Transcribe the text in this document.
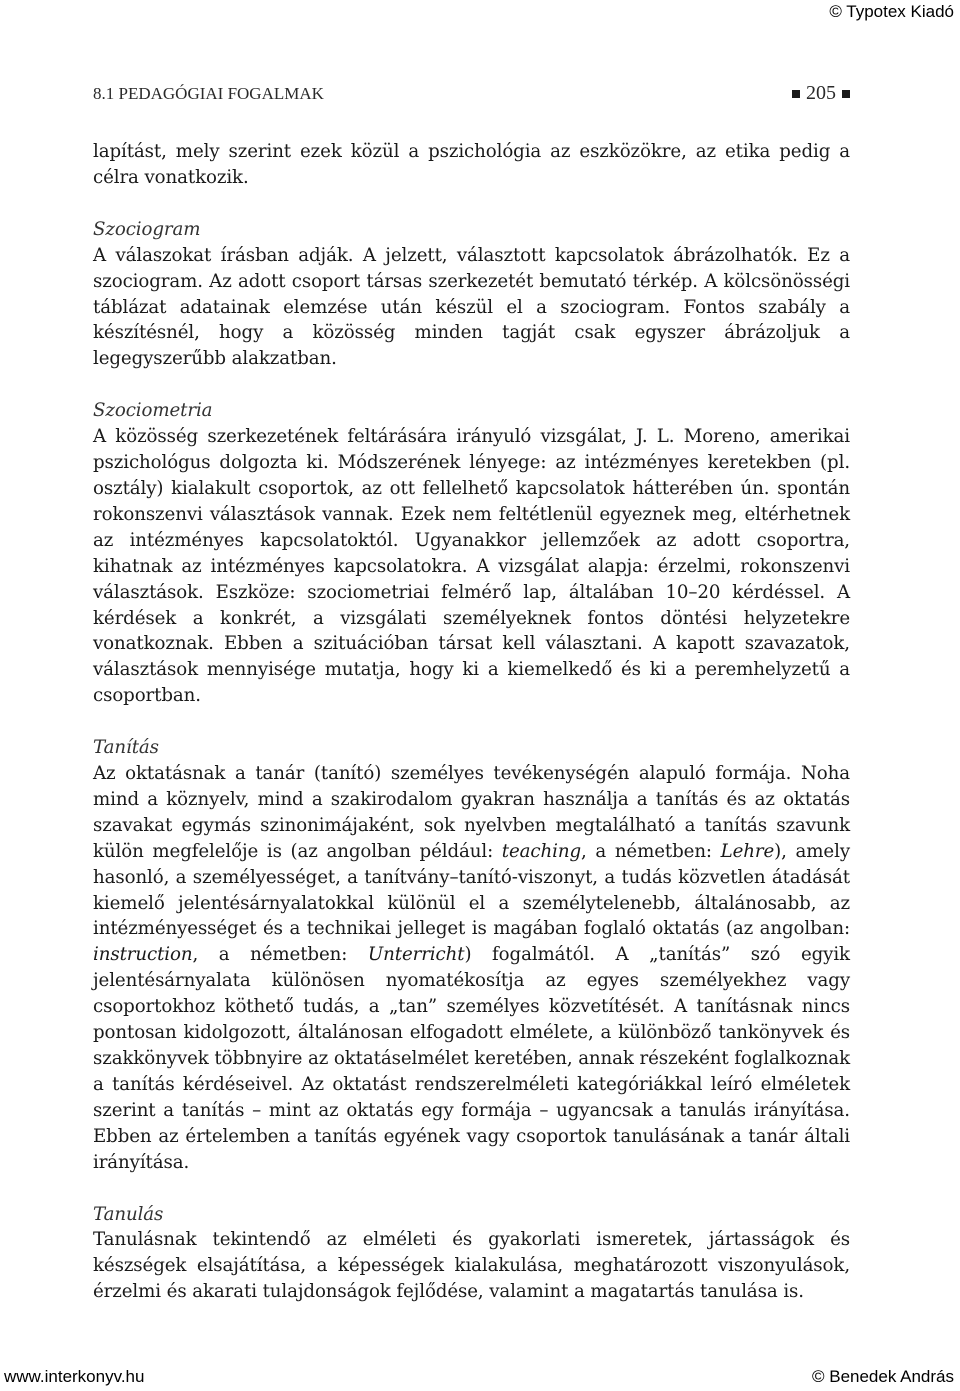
© Typotex Kiadó
8.1 PEDAGÓGIAI FOGALMAK	205

lapítást, mely szerint ezek közül a pszichológia az eszközökre, az etika pedig a célra vonatkozik.

Szociogram

A válaszokat írásban adják. A jelzett, választott kapcsolatok ábrázolhatók. Ez a szociogram. Az adott csoport társas szerkezetét bemutató térkép. A kölcsönösségi táblázat adatainak elemzése után készül el a szociogram. Fontos szabály a készítésnél, hogy a közösség minden tagját csak egyszer ábrázoljuk a legegyszerűbb alakzatban.

Szociometria

A közösség szerkezetének feltárására irányuló vizsgálat, J. L. Moreno, amerikai pszichológus dolgozta ki. Módszerének lényege: az intézményes keretekben (pl. osztály) kialakult csoportok, az ott fellelhető kapcsolatok hátterében ún. spontán rokonszenvi választások vannak. Ezek nem feltétlenül egyeznek meg, eltérhetnek az intézményes kapcsolatoktól. Ugyanakkor jellemzőek az adott csoportra, kihatnak az intézményes kapcsolatokra. A vizsgálat alapja: érzelmi, rokonszenvi választások. Eszköze: szociometriai felmérő lap, általában 10–20 kérdéssel. A kérdések a konkrét, a vizsgálati személyeknek fontos döntési helyzetekre vonatkoznak. Ebben a szituációban társat kell választani. A kapott szavazatok, választások mennyisége mutatja, hogy ki a kiemelkedő és ki a peremhelyzetű a csoportban.

Tanítás

Az oktatásnak a tanár (tanító) személyes tevékenységén alapuló formája. Noha mind a köznyelv, mind a szakirodalom gyakran használja a tanítás és az oktatás szavakat egymás szinonimájaként, sok nyelvben megtalálható a tanítás szavunk külön megfelelője is (az angolban például: teaching, a németben: Lehre), amely hasonló, a személyességet, a tanítvány–tanító-viszonyt, a tudás közvetlen átadását kiemelő jelentésárnyalatokkal különül el a személytelenebb, általánosabb, az intézményességet és a technikai jelleget is magában foglaló oktatás (az angolban: instruction, a németben: Unterricht) fogalmától. A „tanítás” szó egyik jelentésárnyalata különösen nyomatékosítja az egyes személyekhez vagy csoportokhoz köthető tudás, a „tan” személyes közvetítését. A tanításnak nincs pontosan kidolgozott, általánosan elfogadott elmélete, a különböző tankönyvek és szakkönyvek többnyire az oktatáselmélet keretében, annak részeként foglalkoznak a tanítás kérdéseivel. Az oktatást rendszerelméleti kategóriákkal leíró elméletek szerint a tanítás – mint az oktatás egy formája – ugyancsak a tanulás irányítása. Ebben az értelemben a tanítás egyének vagy csoportok tanulásának a tanár általi irányítása.

Tanulás

Tanulásnak tekintendő az elméleti és gyakorlati ismeretek, jártasságok és készségek elsajátítása, a képességek kialakulása, meghatározott viszonyulások, érzelmi és akarati tulajdonságok fejlődése, valamint a magatartás tanulása is.

www.interkonyv.hu	© Benedek András
